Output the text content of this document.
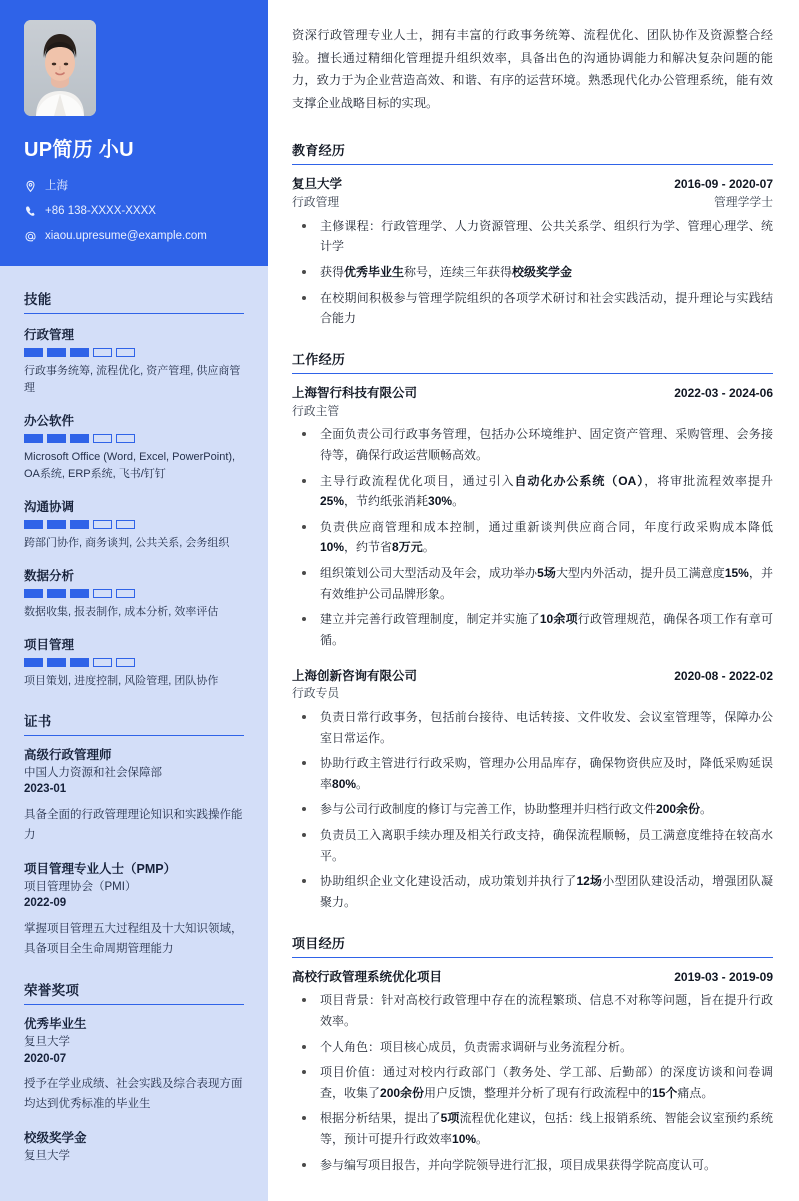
UP简历 小U
上海
+86 138-XXXX-XXXX
xiaou.upresume@example.com
技能
行政管理
行政事务统筹, 流程优化, 资产管理, 供应商管理
办公软件
Microsoft Office (Word, Excel, PowerPoint), OA系统, ERP系统, 飞书/钉钉
沟通协调
跨部门协作, 商务谈判, 公共关系, 会务组织
数据分析
数据收集, 报表制作, 成本分析, 效率评估
项目管理
项目策划, 进度控制, 风险管理, 团队协作
证书
高级行政管理师
中国人力资源和社会保障部
2023-01
具备全面的行政管理理论知识和实践操作能力
项目管理专业人士（PMP）
项目管理协会（PMI）
2022-09
掌握项目管理五大过程组及十大知识领域，具备项目全生命周期管理能力
荣誉奖项
优秀毕业生
复旦大学
2020-07
授予在学业成绩、社会实践及综合表现方面均达到优秀标准的毕业生
校级奖学金
复旦大学

资深行政管理专业人士，拥有丰富的行政事务统筹、流程优化、团队协作及资源整合经验。擅长通过精细化管理提升组织效率，具备出色的沟通协调能力和解决复杂问题的能力，致力于为企业营造高效、和谐、有序的运营环境。熟悉现代化办公管理系统，能有效支撑企业战略目标的实现。

教育经历
复旦大学	2016-09 - 2020-07
行政管理	管理学学士
主修课程：行政管理学、人力资源管理、公共关系学、组织行为学、管理心理学、统计学
获得优秀毕业生称号，连续三年获得校级奖学金
在校期间积极参与管理学院组织的各项学术研讨和社会实践活动，提升理论与实践结合能力
工作经历
上海智行科技有限公司	2022-03 - 2024-06
行政主管
全面负责公司行政事务管理，包括办公环境维护、固定资产管理、采购管理、会务接待等，确保行政运营顺畅高效。
主导行政流程优化项目，通过引入自动化办公系统（OA），将审批流程效率提升25%，节约纸张消耗30%。
负责供应商管理和成本控制，通过重新谈判供应商合同，年度行政采购成本降低10%，约节省8万元。
组织策划公司大型活动及年会，成功举办5场大型内外活动，提升员工满意度15%，并有效维护公司品牌形象。
建立并完善行政管理制度，制定并实施了10余项行政管理规范，确保各项工作有章可循。
上海创新咨询有限公司	2020-08 - 2022-02
行政专员
负责日常行政事务，包括前台接待、电话转接、文件收发、会议室管理等，保障办公室日常运作。
协助行政主管进行行政采购，管理办公用品库存，确保物资供应及时，降低采购延误率80%。
参与公司行政制度的修订与完善工作，协助整理并归档行政文件200余份。
负责员工入离职手续办理及相关行政支持，确保流程顺畅，员工满意度维持在较高水平。
协助组织企业文化建设活动，成功策划并执行了12场小型团队建设活动，增强团队凝聚力。
项目经历
高校行政管理系统优化项目	2019-03 - 2019-09
项目背景：针对高校行政管理中存在的流程繁琐、信息不对称等问题，旨在提升行政效率。
个人角色：项目核心成员，负责需求调研与业务流程分析。
项目价值：通过对校内行政部门（教务处、学工部、后勤部）的深度访谈和问卷调查，收集了200余份用户反馈，整理并分析了现有行政流程中的15个痛点。
根据分析结果，提出了5项流程优化建议，包括：线上报销系统、智能会议室预约系统等，预计可提升行政效率10%。
参与编写项目报告，并向学院领导进行汇报，项目成果获得学院高度认可。
